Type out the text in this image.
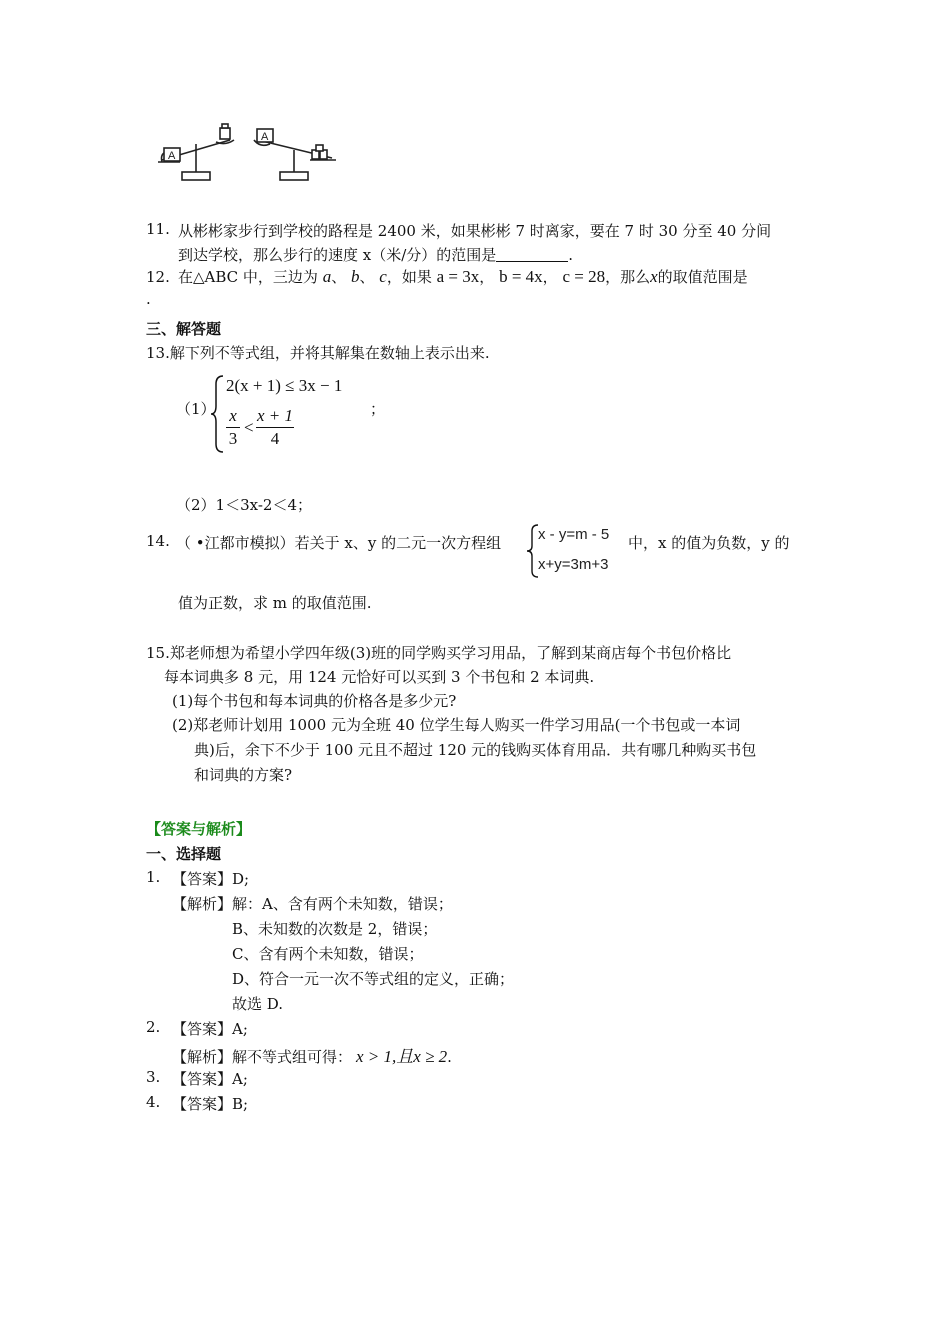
A
A
11. 从彬彬家步行到学校的路程是 2400 米，如果彬彬 7 时离家，要在 7 时 30 分至 40 分间
到达学校，那么步行的速度 x（米/分）的范围是	.
12. 在△ABC 中，三边为 a、 b、 c，如果 a = 3x， b = 4x， c = 28，那么x的取值范围是
.
三、解答题
13.解下列不等式组，并将其解集在数轴上表示出来.
（1）
2(x + 1) ≤ 3x − 1
x
3
<
x + 1
4
；
（2）1＜3x-2＜4；
14. （ •江都市模拟）若关于 x、y 的二元一次方程组 x - y=m - 5
x+y=3m+3
中，x 的值为负数，y 的
值为正数，求 m 的取值范围.
15.郑老师想为希望小学四年级(3)班的同学购买学习用品，了解到某商店每个书包价格比
每本词典多 8 元，用 124 元恰好可以买到 3 个书包和 2 本词典.
(1)每个书包和每本词典的价格各是多少元?
(2)郑老师计划用 1000 元为全班 40 位学生每人购买一件学习用品(一个书包或一本词
典)后，余下不少于 100 元且不超过 120 元的钱购买体育用品．共有哪几种购买书包
和词典的方案?
【答案与解析】
一、选择题
1. 【答案】D;
【解析】解：A、含有两个未知数，错误；
B、未知数的次数是 2，错误；
C、含有两个未知数，错误；
D、符合一元一次不等式组的定义，正确；
故选 D.
2. 【答案】A;
【解析】解不等式组可得： x > 1,且x ≥ 2.
3. 【答案】A;
4. 【答案】B;
